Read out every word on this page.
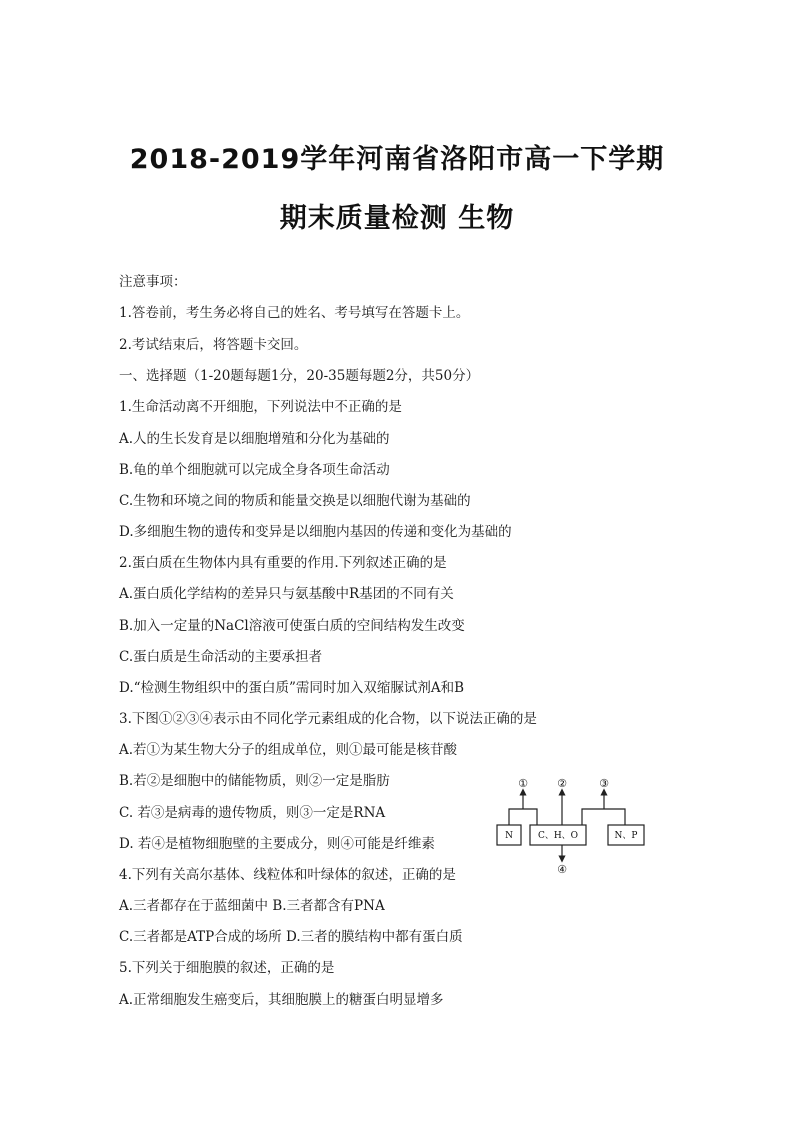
2018-2019学年河南省洛阳市高一下学期
期末质量检测 生物
注意事项：
1.答卷前，考生务必将自己的姓名、考号填写在答题卡上。
2.考试结束后，将答题卡交回。
一、选择题（1-20题每题1分，20-35题每题2分，共50分）
1.生命活动离不开细胞，下列说法中不正确的是
A.人的生长发育是以细胞增殖和分化为基础的
B.龟的单个细胞就可以完成全身各项生命活动
C.生物和环境之间的物质和能量交换是以细胞代谢为基础的
D.多细胞生物的遗传和变异是以细胞内基因的传递和变化为基础的
2.蛋白质在生物体内具有重要的作用.下列叙述正确的是
A.蛋白质化学结构的差异只与氨基酸中R基团的不同有关
B.加入一定量的NaCl溶液可使蛋白质的空间结构发生改变
C.蛋白质是生命活动的主要承担者
D.“检测生物组织中的蛋白质”需同时加入双缩脲试剂A和B
3.下图①②③④表示由不同化学元素组成的化合物，以下说法正确的是
A.若①为某生物大分子的组成单位，则①最可能是核苷酸
B.若②是细胞中的储能物质，则②一定是脂肪
C. 若③是病毒的遗传物质，则③一定是RNA
D. 若④是植物细胞壁的主要成分，则④可能是纤维素
4.下列有关高尔基体、线粒体和叶绿体的叙述，正确的是
A.三者都存在于蓝细菌中 B.三者都含有PNA
C.三者都是ATP合成的场所 D.三者的膜结构中都有蛋白质
5.下列关于细胞膜的叙述，正确的是
A.正常细胞发生癌变后，其细胞膜上的糖蛋白明显增多
N	C、H、O	N、P
①	②	③
④
